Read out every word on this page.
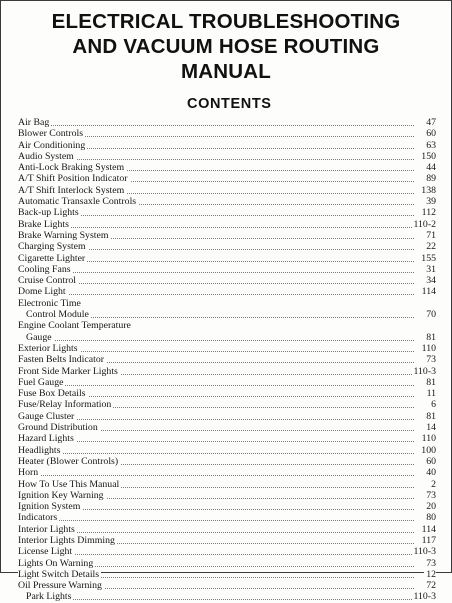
ELECTRICAL TROUBLESHOOTING
AND VACUUM HOSE ROUTING
MANUAL
CONTENTS
Air Bag	47
Blower Controls	60
Air Conditioning	63
Audio System	150
Anti-Lock Braking System	44
A/T Shift Position Indicator	89
A/T Shift Interlock System	138
Automatic Transaxle Controls	39
Back-up Lights	112
Brake Lights	110-2
Brake Warning System	71
Charging System	22
Cigarette Lighter	155
Cooling Fans	31
Cruise Control	34
Dome Light	114
Electronic Time
Control Module	70
Engine Coolant Temperature
Gauge	81
Exterior Lights	110
Fasten Belts Indicator	73
Front Side Marker Lights	110-3
Fuel Gauge	81
Fuse Box Details	11
Fuse/Relay Information	6
Gauge Cluster	81
Ground Distribution	14
Hazard Lights	110
Headlights	100
Heater (Blower Controls)	60
Horn	40
How To Use This Manual	2
Ignition Key Warning	73
Ignition System	20
Indicators	80
Interior Lights	114
Interior Lights Dimming	117
License Light	110-3
Lights On Warning	73
Light Switch Details	12
Oil Pressure Warning	72
Park Lights	110-3
